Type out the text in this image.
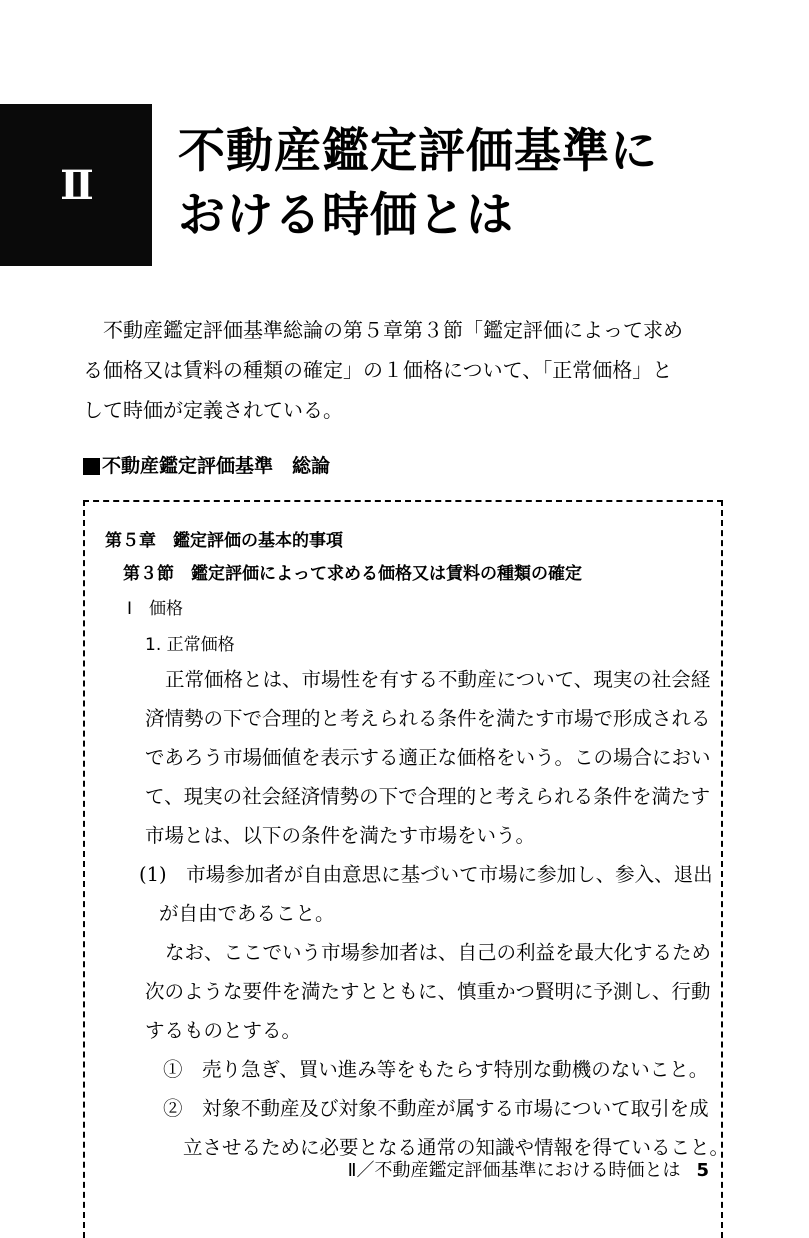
Ⅱ
不動産鑑定評価基準に
おける時価とは

不動産鑑定評価基準総論の第５章第３節「鑑定評価によって求め
る価格又は賃料の種類の確定」の１価格について、「正常価格」と
して時価が定義されている。

不動産鑑定評価基準　総論
第５章　鑑定評価の基本的事項
第３節　鑑定評価によって求める価格又は賃料の種類の確定
Ⅰ　価格
1. 正常価格
正常価格とは、市場性を有する不動産について、現実の社会経
済情勢の下で合理的と考えられる条件を満たす市場で形成される
であろう市場価値を表示する適正な価格をいう。この場合におい
て、現実の社会経済情勢の下で合理的と考えられる条件を満たす
市場とは、以下の条件を満たす市場をいう。
(1)　市場参加者が自由意思に基づいて市場に参加し、参入、退出
が自由であること。
なお、ここでいう市場参加者は、自己の利益を最大化するため
次のような要件を満たすとともに、慎重かつ賢明に予測し、行動
するものとする。
①　売り急ぎ、買い進み等をもたらす特別な動機のないこと。
②　対象不動産及び対象不動産が属する市場について取引を成
立させるために必要となる通常の知識や情報を得ていること。
Ⅱ／不動産鑑定評価基準における時価とは 5
